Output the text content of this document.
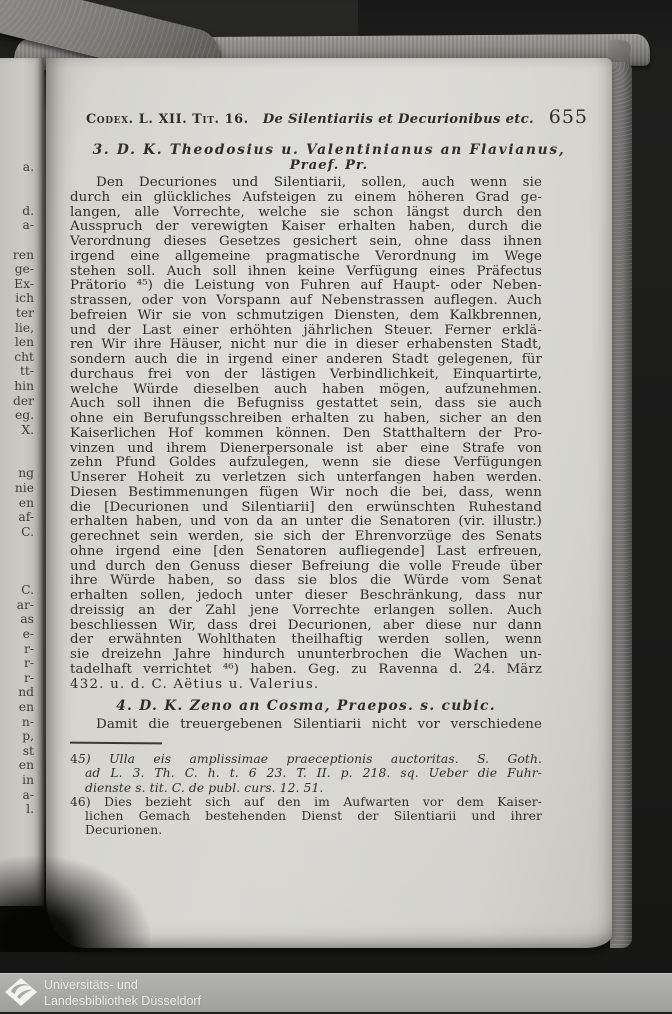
a.
d.
a-
ren
ge-
Ex-
ich
ter
lie,
len
cht
tt-
hin
der
eg.
X.
ng
nie
en
af-
C.
C.
ar-
as
e-
r-
r-
r-
nd
en
n-
p,
st
en
in
a-
l.
Codex. L. XII. Tit. 16. De Silentiariis et Decurionibus etc. 655
3. D. K. Theodosius u. Valentinianus an Flavianus,
Praef. Pr.
Den Decuriones und Silentiarii, sollen, auch wenn sie
durch ein glückliches Aufsteigen zu einem höheren Grad ge-
langen, alle Vorrechte, welche sie schon längst durch den
Ausspruch der verewigten Kaiser erhalten haben, durch die
Verordnung dieses Gesetzes gesichert sein, ohne dass ihnen
irgend eine allgemeine pragmatische Verordnung im Wege
stehen soll. Auch soll ihnen keine Verfügung eines Präfectus
Prätorio ⁴⁵) die Leistung von Fuhren auf Haupt- oder Neben-
strassen, oder von Vorspann auf Nebenstrassen auflegen. Auch
befreien Wir sie von schmutzigen Diensten, dem Kalkbrennen,
und der Last einer erhöhten jährlichen Steuer. Ferner erklä-
ren Wir ihre Häuser, nicht nur die in dieser erhabensten Stadt,
sondern auch die in irgend einer anderen Stadt gelegenen, für
durchaus frei von der lästigen Verbindlichkeit, Einquartirte,
welche Würde dieselben auch haben mögen, aufzunehmen.
Auch soll ihnen die Befugniss gestattet sein, dass sie auch
ohne ein Berufungsschreiben erhalten zu haben, sicher an den
Kaiserlichen Hof kommen können. Den Statthaltern der Pro-
vinzen und ihrem Dienerpersonale ist aber eine Strafe von
zehn Pfund Goldes aufzulegen, wenn sie diese Verfügungen
Unserer Hoheit zu verletzen sich unterfangen haben werden.
Diesen Bestimmenungen fügen Wir noch die bei, dass, wenn
die [Decurionen und Silentiarii] den erwünschten Ruhestand
erhalten haben, und von da an unter die Senatoren (vir. illustr.)
gerechnet sein werden, sie sich der Ehrenvorzüge des Senats
ohne irgend eine [den Senatoren aufliegende] Last erfreuen,
und durch den Genuss dieser Befreiung die volle Freude über
ihre Würde haben, so dass sie blos die Würde vom Senat
erhalten sollen, jedoch unter dieser Beschränkung, dass nur
dreissig an der Zahl jene Vorrechte erlangen sollen. Auch
beschliessen Wir, dass drei Decurionen, aber diese nur dann
der erwähnten Wohlthaten theilhaftig werden sollen, wenn
sie dreizehn Jahre hindurch ununterbrochen die Wachen un-
tadelhaft verrichtet ⁴⁶) haben. Geg. zu Ravenna d. 24. März
432. u. d. C. Aëtius u. Valerius.
4. D. K. Zeno an Cosma, Praepos. s. cubic.
Damit die treuergebenen Silentiarii nicht vor verschiedene
45) Ulla eis amplissimae praeceptionis auctoritas. S. Goth.
ad L. 3. Th. C. h. t. 6 23. T. II. p. 218. sq. Ueber die Fuhr-
dienste s. tit. C. de publ. curs. 12. 51.
46) Dies bezieht sich auf den im Aufwarten vor dem Kaiser-
lichen Gemach bestehenden Dienst der Silentiarii und ihrer
Decurionen.
Universitäts- und
Landesbibliothek Düsseldorf
